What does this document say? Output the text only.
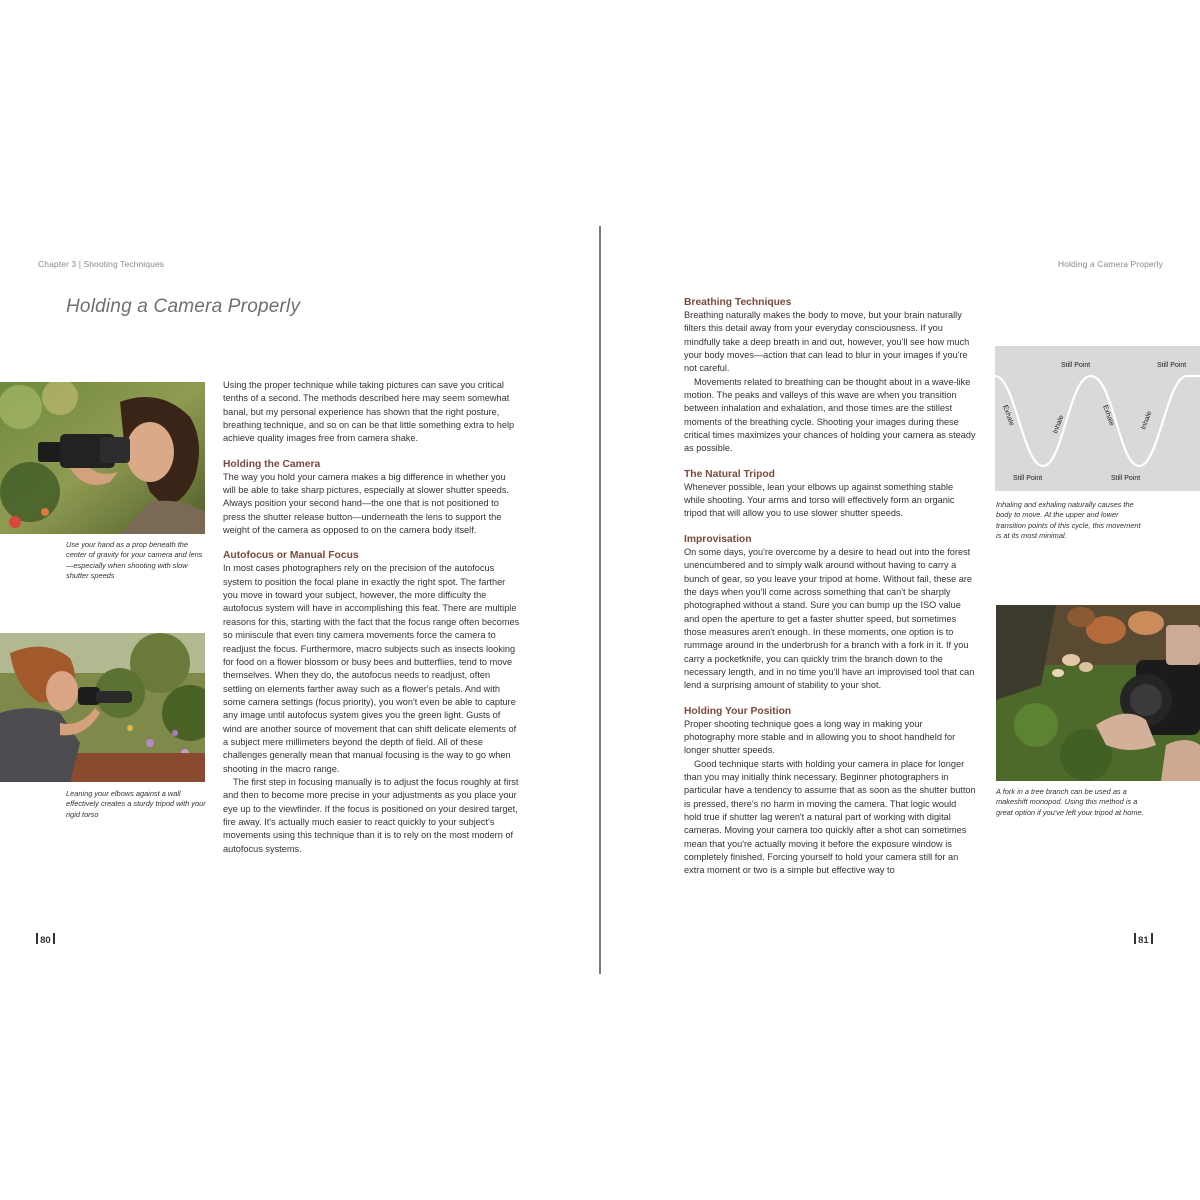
Chapter 3 | Shooting Techniques
Holding a Camera Properly
Use your hand as a prop beneath the center of gravity for your camera and lens—especially when shooting with slow shutter speeds
Leaning your elbows against a wall effectively creates a sturdy tripod with your rigid torso

Using the proper technique while taking pictures can save you critical tenths of a second. The methods described here may seem somewhat banal, but my personal experience has shown that the right posture, breathing technique, and so on can be that little something extra to help achieve quality images free from camera shake.

Holding the Camera

The way you hold your camera makes a big difference in whether you will be able to take sharp pictures, especially at slower shutter speeds. Always position your second hand—the one that is not positioned to press the shutter release button—underneath the lens to support the weight of the camera as opposed to on the camera body itself.

Autofocus or Manual Focus

In most cases photographers rely on the precision of the autofocus system to position the focal plane in exactly the right spot. The farther you move in toward your subject, however, the more difficulty the autofocus system will have in accomplishing this feat. There are multiple reasons for this, starting with the fact that the focus range often becomes so miniscule that even tiny camera movements force the camera to readjust the focus. Furthermore, macro subjects such as insects looking for food on a flower blossom or busy bees and butterflies, tend to move themselves. When they do, the autofocus needs to readjust, often settling on elements farther away such as a flower's petals. And with some camera settings (focus priority), you won't even be able to capture any image until autofocus system gives you the green light. Gusts of wind are another source of movement that can shift delicate elements of a subject mere millimeters beyond the depth of field. All of these challenges generally mean that manual focusing is the way to go when shooting in the macro range.

The first step in focusing manually is to adjust the focus roughly at first and then to become more precise in your adjustments as you place your eye up to the viewfinder. If the focus is positioned on your desired target, fire away. It's actually much easier to react quickly to your subject's movements using this technique than it is to rely on the most modern of autofocus systems.

80
Holding a Camera Properly
Breathing Techniques

Breathing naturally makes the body to move, but your brain naturally filters this detail away from your everyday consciousness. If you mindfully take a deep breath in and out, however, you'll see how much your body moves—action that can lead to blur in your images if you're not careful.

Movements related to breathing can be thought about in a wave-like motion. The peaks and valleys of this wave are when you transition between inhalation and exhalation, and those times are the stillest moments of the breathing cycle. Shooting your images during these critical times maximizes your chances of holding your camera as steady as possible.

The Natural Tripod

Whenever possible, lean your elbows up against something stable while shooting. Your arms and torso will effectively form an organic tripod that will allow you to use slower shutter speeds.

Improvisation

On some days, you're overcome by a desire to head out into the forest unencumbered and to simply walk around without having to carry a bunch of gear, so you leave your tripod at home. Without fail, these are the days when you'll come across something that can't be sharply photographed without a stand. Sure you can bump up the ISO value and open the aperture to get a faster shutter speed, but sometimes those measures aren't enough. In these moments, one option is to rummage around in the underbrush for a branch with a fork in it. If you carry a pocketknife, you can quickly trim the branch down to the necessary length, and in no time you'll have an improvised tool that can lend a surprising amount of stability to your shot.

Holding Your Position

Proper shooting technique goes a long way in making your photography more stable and in allowing you to shoot handheld for longer shutter speeds.

Good technique starts with holding your camera in place for longer than you may initially think necessary. Beginner photographers in particular have a tendency to assume that as soon as the shutter button is pressed, there's no harm in moving the camera. That logic would hold true if shutter lag weren't a natural part of working with digital cameras. Moving your camera too quickly after a shot can sometimes mean that you're actually moving it before the exposure window is completely finished. Forcing yourself to hold your camera still for an extra moment or two is a simple but effective way to

Still Point	Still Point
Still Point	Still Point
Exhale	Inhale	Exhale	Inhale
Inhaling and exhaling naturally causes the body to move. At the upper and lower transition points of this cycle, this movement is at its most minimal.
A fork in a tree branch can be used as a makeshift monopod. Using this method is a great option if you've left your tripod at home.
81
